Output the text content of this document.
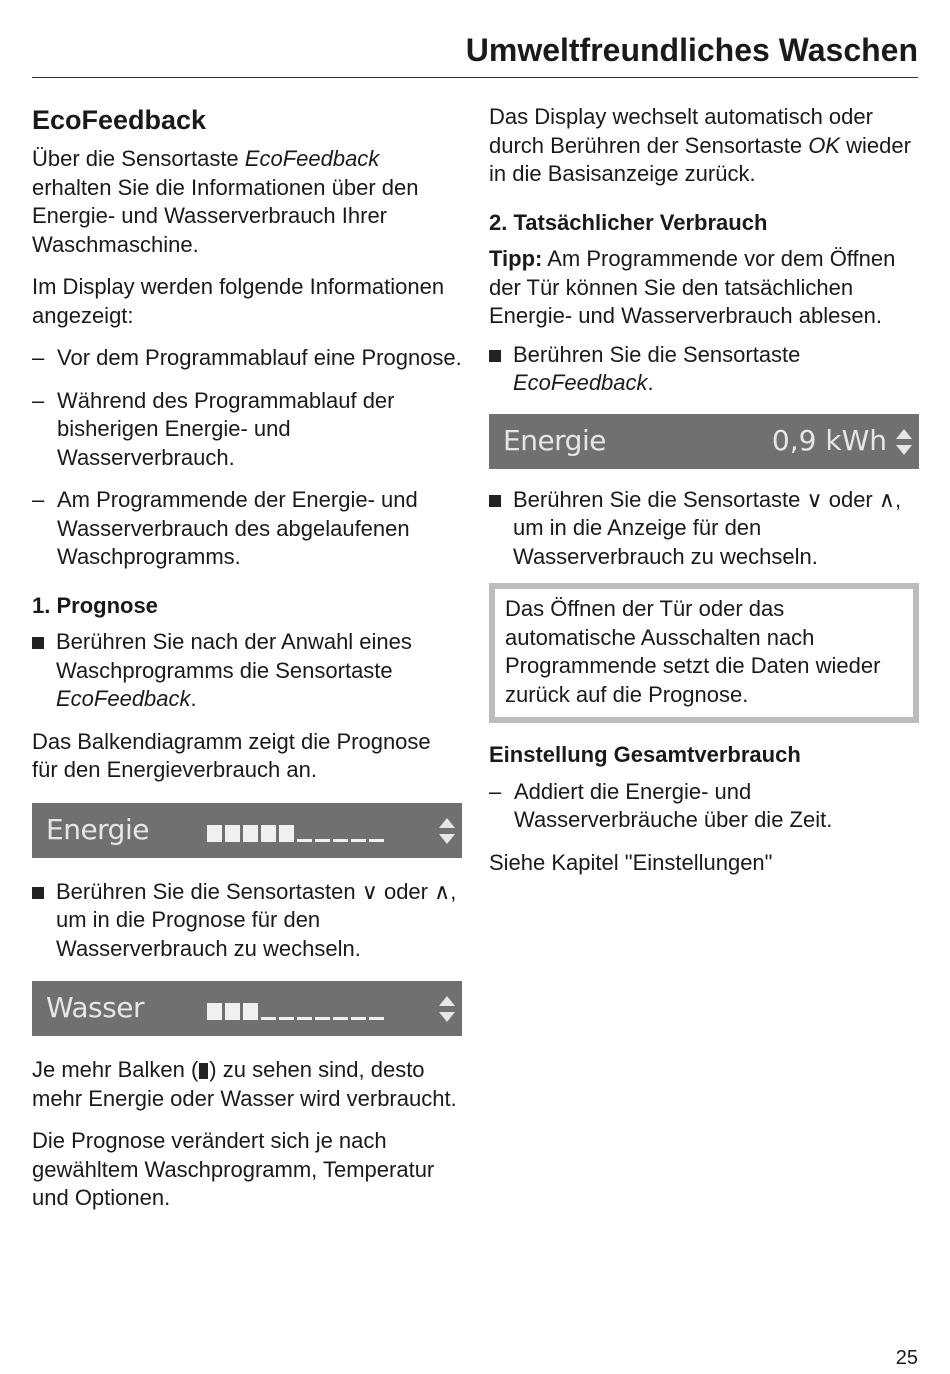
Umweltfreundliches Waschen
EcoFeedback

Über die Sensortaste EcoFeedback erhalten Sie die Informationen über den Energie- und Wasserverbrauch Ihrer Waschmaschine.

Im Display werden folgende Informationen angezeigt:

– Vor dem Programmablauf eine Prognose.
– Während des Programmablauf der bisherigen Energie- und Wasserverbrauch.
– Am Programmende der Energie- und Wasserverbrauch des abgelaufenen Waschprogramms.
1. Prognose
Berühren Sie nach der Anwahl eines Waschprogramms die Sensortaste EcoFeedback.

Das Balkendiagramm zeigt die Prognose für den Energieverbrauch an.

Energie
Berühren Sie die Sensortasten ∨ oder ∧, um in die Prognose für den Wasserverbrauch zu wechseln.
Wasser

Je mehr Balken ( ) zu sehen sind, desto mehr Energie oder Wasser wird verbraucht.

Die Prognose verändert sich je nach gewähltem Waschprogramm, Temperatur und Optionen.

Das Display wechselt automatisch oder durch Berühren der Sensortaste OK wieder in die Basisanzeige zurück.

2. Tatsächlicher Verbrauch

Tipp: Am Programmende vor dem Öffnen der Tür können Sie den tatsächlichen Energie- und Wasserverbrauch ablesen.

Berühren Sie die Sensortaste EcoFeedback.
Energie	0,9 kWh
Berühren Sie die Sensortaste ∨ oder ∧, um in die Anzeige für den Wasserverbrauch zu wechseln.

Das Öffnen der Tür oder das automatische Ausschalten nach Programmende setzt die Daten wieder zurück auf die Prognose.

Einstellung Gesamtverbrauch
– Addiert die Energie- und Wasserverbräuche über die Zeit.

Siehe Kapitel "Einstellungen"

25
